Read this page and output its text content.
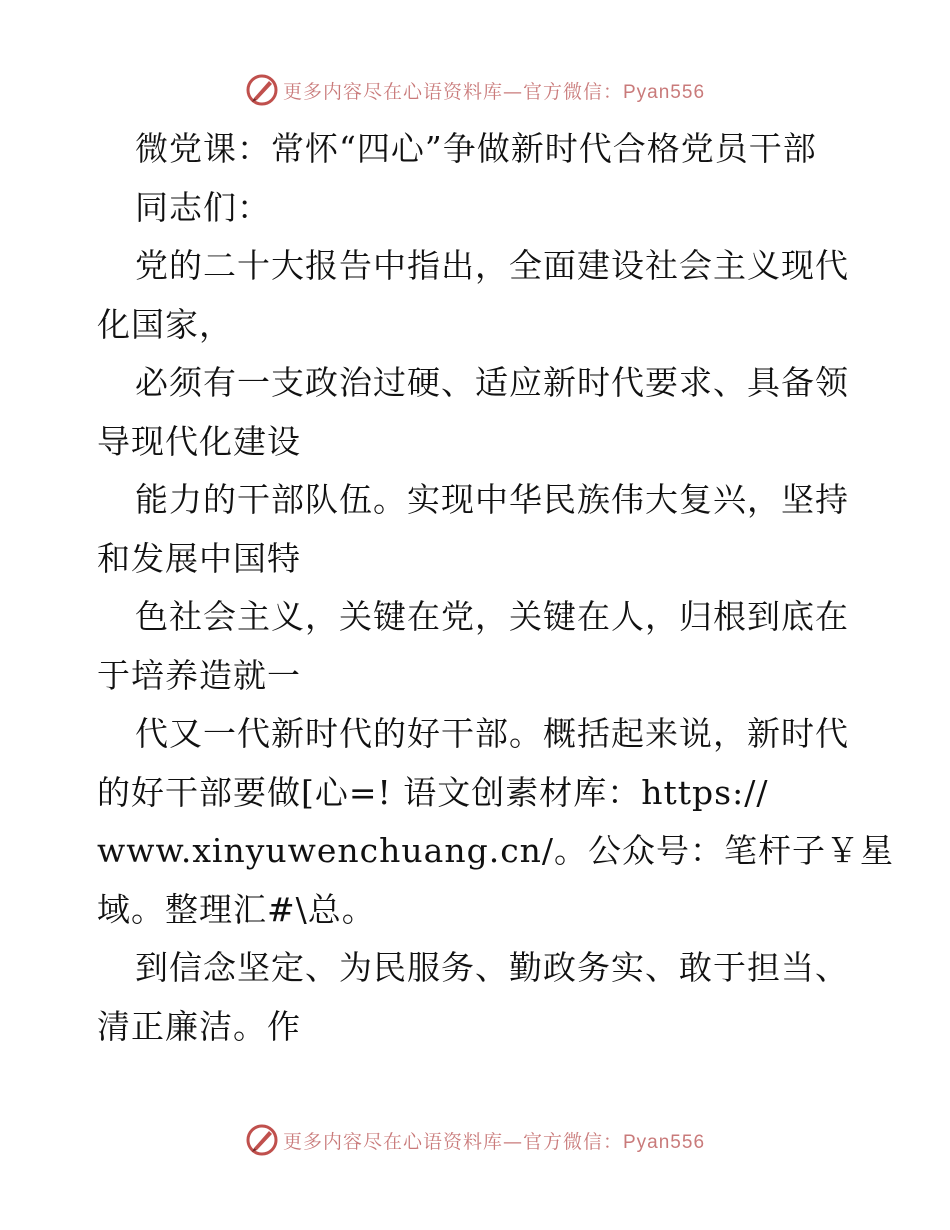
更多内容尽在心语资料库—官方微信：Pyan556
微党课：常怀“四心”争做新时代合格党员干部
同志们：
党的二十大报告中指出，全面建设社会主义现代
化国家，
必须有一支政治过硬、适应新时代要求、具备领
导现代化建设
能力的干部队伍。实现中华民族伟大复兴，坚持
和发展中国特
色社会主义，关键在党，关键在人，归根到底在
于培养造就一
代又一代新时代的好干部。概括起来说，新时代
的好干部要做[心=! 语文创素材库：https://
www.xinyuwenchuang.cn/。公众号：笔杆子￥星
域。整理汇#\总。
到信念坚定、为民服务、勤政务实、敢于担当、
清正廉洁。作
更多内容尽在心语资料库—官方微信：Pyan556
